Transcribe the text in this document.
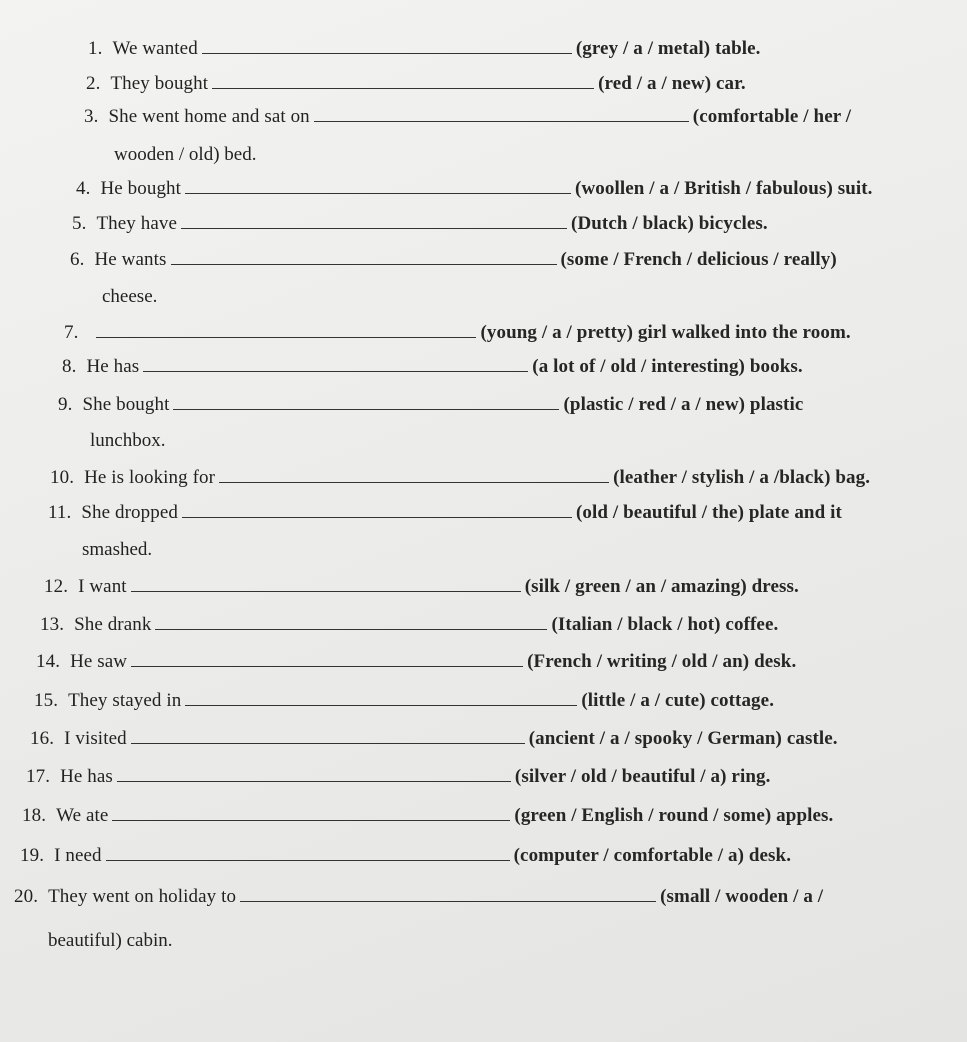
1. We wanted	(grey / a / metal) table.
2. They bought	(red / a / new) car.
3. She went home and sat on	(comfortable / her /
wooden / old) bed.
4. He bought	(woollen / a / British / fabulous) suit.
5. They have	(Dutch / black) bicycles.
6. He wants	(some / French / delicious / really)
cheese.
7.	(young / a / pretty) girl walked into the room.
8. He has	(a lot of / old / interesting) books.
9. She bought	(plastic / red / a / new) plastic
lunchbox.
10. He is looking for	(leather / stylish / a /black) bag.
11. She dropped	(old / beautiful / the) plate and it
smashed.
12. I want	(silk / green / an / amazing) dress.
13. She drank	(Italian / black / hot) coffee.
14. He saw	(French / writing / old / an) desk.
15. They stayed in	(little / a / cute) cottage.
16. I visited	(ancient / a / spooky / German) castle.
17. He has	(silver / old / beautiful / a) ring.
18. We ate	(green / English / round / some) apples.
19. I need	(computer / comfortable / a) desk.
20. They went on holiday to	(small / wooden / a /
beautiful) cabin.
